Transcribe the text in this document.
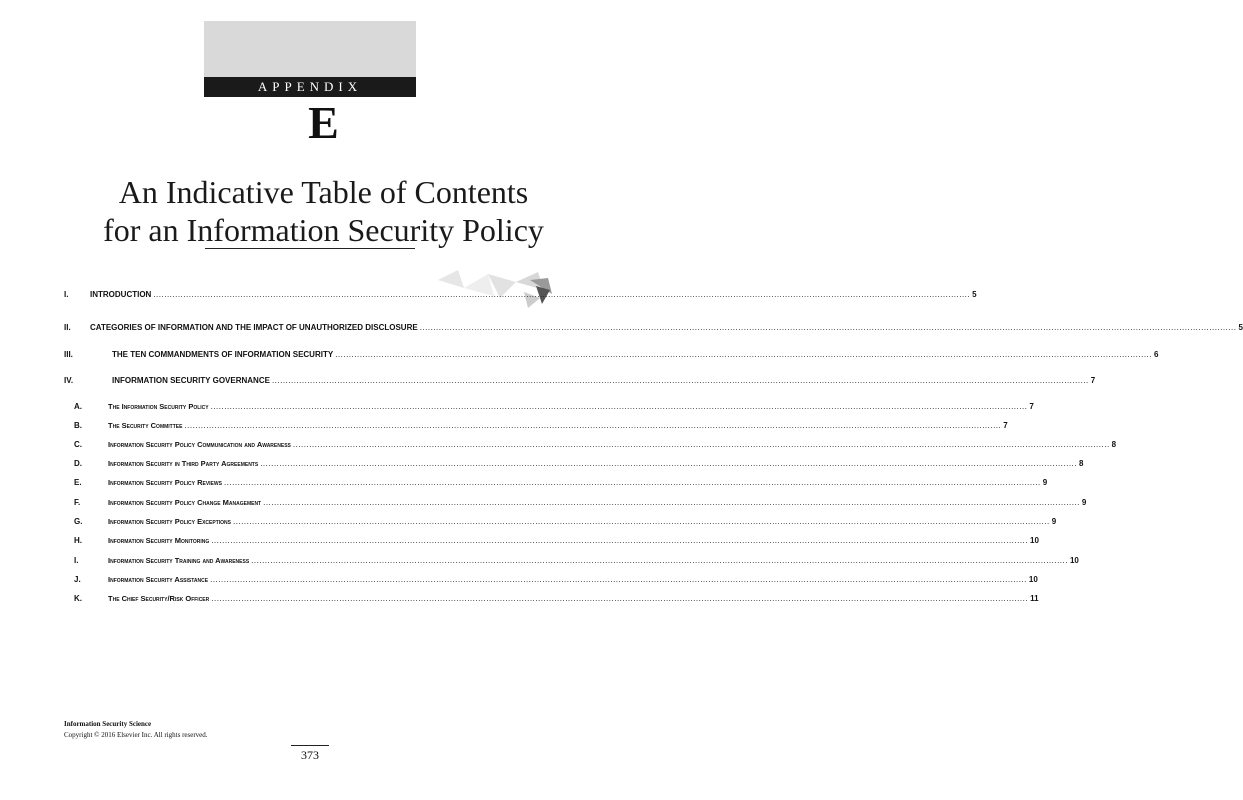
APPENDIX
E
An Indicative Table of Contents
for an Information Security Policy
I.	INTRODUCTION ............................................................................................................................................................................................................................................................................................................ 5
II.	CATEGORIES OF INFORMATION AND THE IMPACT OF UNAUTHORIZED DISCLOSURE ............................................................................................................................................................................................................................................................................................................ 5
III.	THE TEN COMMANDMENTS OF INFORMATION SECURITY ............................................................................................................................................................................................................................................................................................................ 6
IV.	INFORMATION SECURITY GOVERNANCE ............................................................................................................................................................................................................................................................................................................ 7
A.	The Information Security Policy ............................................................................................................................................................................................................................................................................................................ 7
B.	The Security Committee ............................................................................................................................................................................................................................................................................................................ 7
C.	Information Security Policy Communication and Awareness ............................................................................................................................................................................................................................................................................................................ 8
D.	Information Security in Third Party Agreements ............................................................................................................................................................................................................................................................................................................ 8
E.	Information Security Policy Reviews ............................................................................................................................................................................................................................................................................................................ 9
F.	Information Security Policy Change Management ............................................................................................................................................................................................................................................................................................................ 9
G.	Information Security Policy Exceptions ............................................................................................................................................................................................................................................................................................................ 9
H.	Information Security Monitoring ............................................................................................................................................................................................................................................................................................................ 10
I.	Information Security Training and Awareness ............................................................................................................................................................................................................................................................................................................ 10
J.	Information Security Assistance ............................................................................................................................................................................................................................................................................................................ 10
K.	The Chief Security/Risk Officer ............................................................................................................................................................................................................................................................................................................ 11
Information Security Science
Copyright © 2016 Elsevier Inc. All rights reserved.
373
